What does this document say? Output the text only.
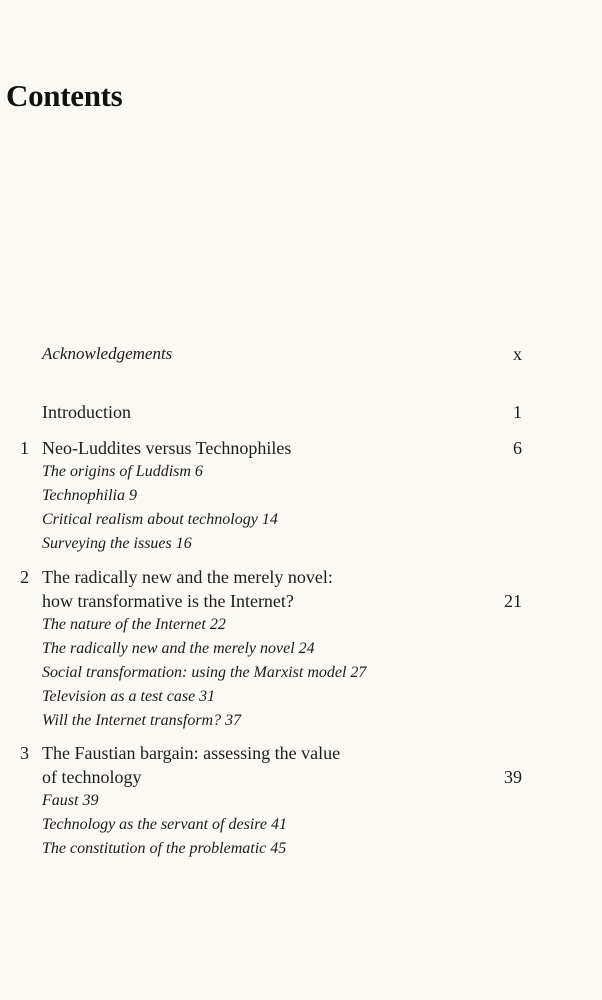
Contents
Acknowledgements	x
Introduction	1
1 Neo-Luddites versus Technophiles	6
The origins of Luddism 6
Technophilia 9
Critical realism about technology 14
Surveying the issues 16
2 The radically new and the merely novel:
how transformative is the Internet?	21
The nature of the Internet 22
The radically new and the merely novel 24
Social transformation: using the Marxist model 27
Television as a test case 31
Will the Internet transform? 37
3 The Faustian bargain: assessing the value
of technology	39
Faust 39
Technology as the servant of desire 41
The constitution of the problematic 45
